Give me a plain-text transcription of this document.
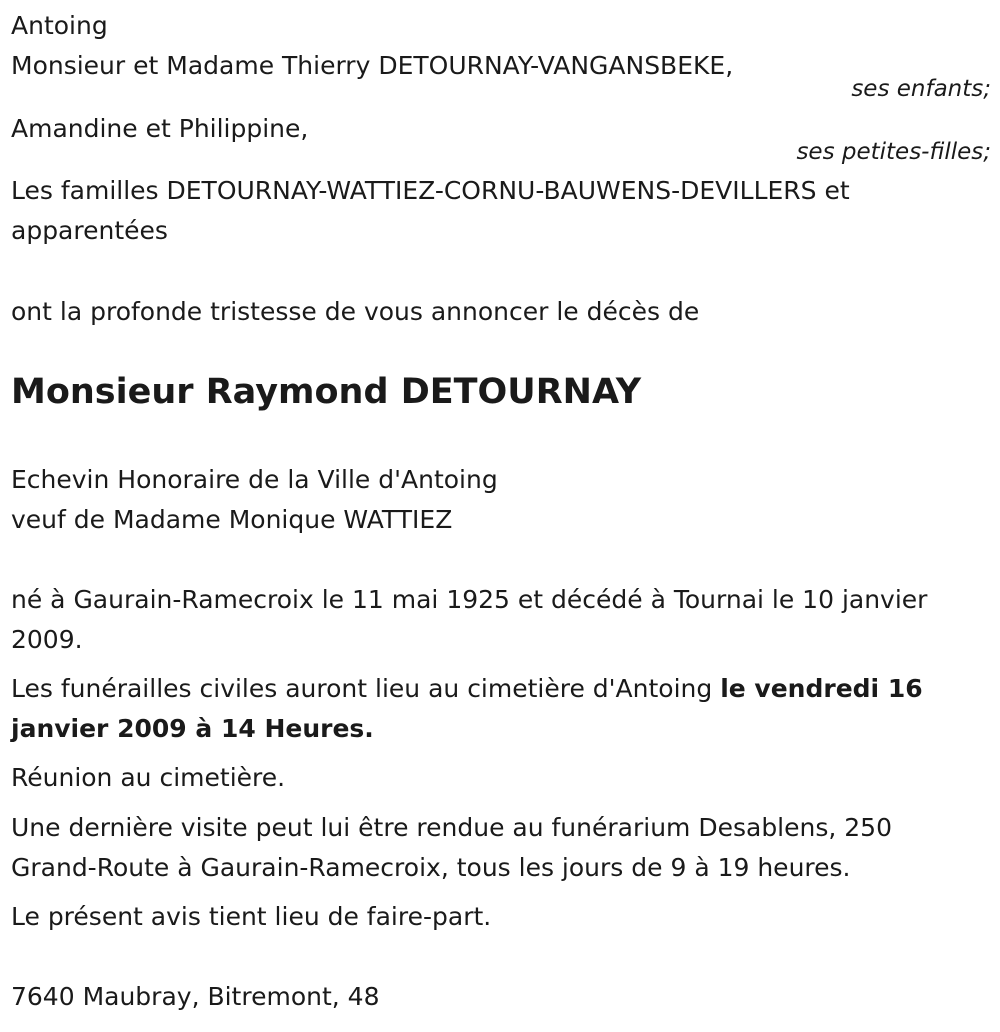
Antoing
Monsieur et Madame Thierry DETOURNAY-VANGANSBEKE,
ses enfants;
Amandine et Philippine,
ses petites-filles;
Les familles DETOURNAY-WATTIEZ-CORNU-BAUWENS-DEVILLERS et
apparentées
ont la profonde tristesse de vous annoncer le décès de
Monsieur Raymond DETOURNAY
Echevin Honoraire de la Ville d'Antoing
veuf de Madame Monique WATTIEZ
né à Gaurain-Ramecroix le 11 mai 1925 et décédé à Tournai le 10 janvier
2009.
Les funérailles civiles auront lieu au cimetière d'Antoing le vendredi 16
janvier 2009 à 14 Heures.
Réunion au cimetière.
Une dernière visite peut lui être rendue au funérarium Desablens, 250
Grand-Route à Gaurain-Ramecroix, tous les jours de 9 à 19 heures.
Le présent avis tient lieu de faire-part.
7640 Maubray, Bitremont, 48
